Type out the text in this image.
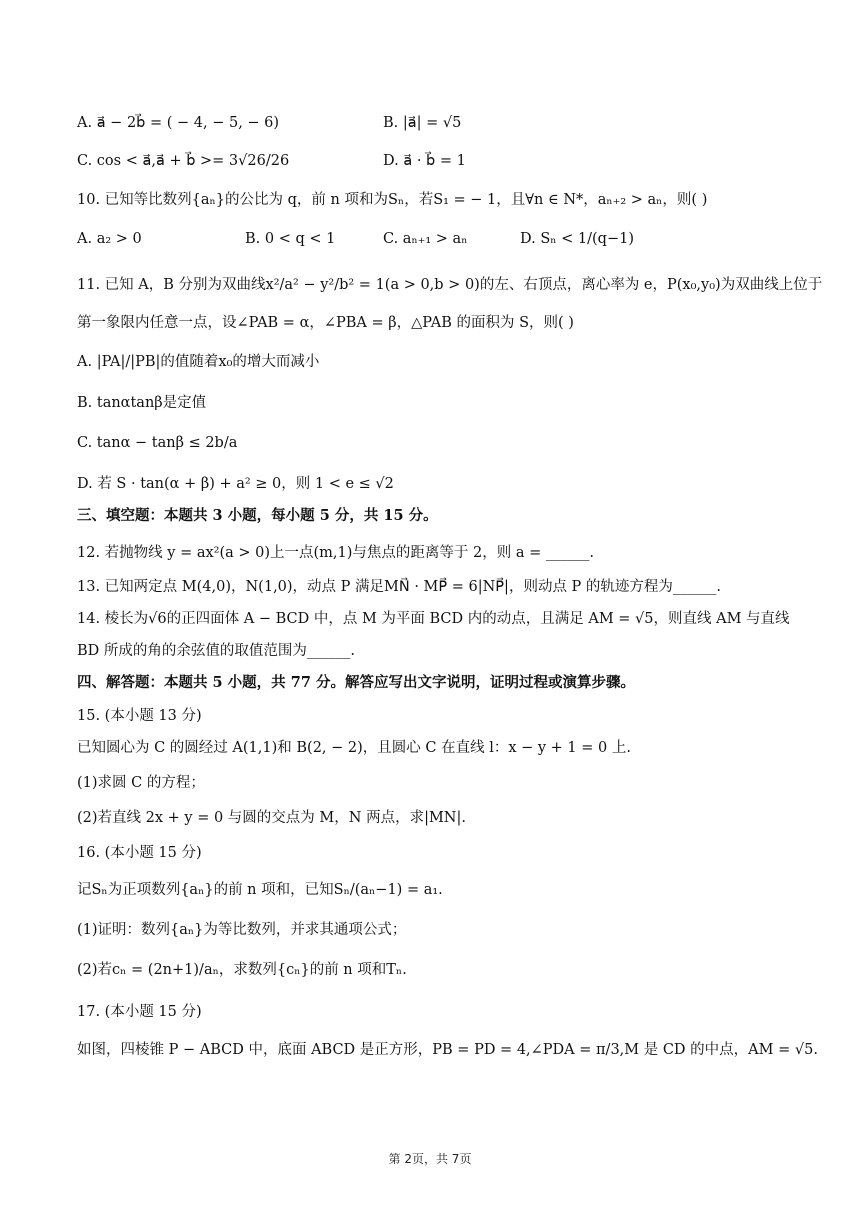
A. a⃗ − 2b⃗ = ( − 4, − 5, − 6)	B. |a⃗| = √5
C. cos < a⃗,a⃗ + b⃗ >= 3√26/26	D. a⃗ · b⃗ = 1
10. 已知等比数列{aₙ}的公比为 q，前 n 项和为Sₙ，若S₁ = − 1，且∀n ∈ N*，aₙ₊₂ > aₙ，则( )
A. a₂ > 0	B. 0 < q < 1	C. aₙ₊₁ > aₙ	D. Sₙ < 1/(q−1)
11. 已知 A，B 分别为双曲线x²/a² − y²/b² = 1(a > 0,b > 0)的左、右顶点，离心率为 e，P(x₀,y₀)为双曲线上位于
第一象限内任意一点，设∠PAB = α，∠PBA = β，△PAB 的面积为 S，则( )
A. |PA|/|PB|的值随着x₀的增大而减小
B. tanαtanβ是定值
C. tanα − tanβ ≤ 2b/a
D. 若 S · tan(α + β) + a² ≥ 0，则 1 < e ≤ √2
三、填空题：本题共 3 小题，每小题 5 分，共 15 分。
12. 若抛物线 y = ax²(a > 0)上一点(m,1)与焦点的距离等于 2，则 a = ______.
13. 已知两定点 M(4,0)，N(1,0)，动点 P 满足MN⃗ · MP⃗ = 6|NP⃗|，则动点 P 的轨迹方程为______.
14. 棱长为√6的正四面体 A − BCD 中，点 M 为平面 BCD 内的动点，且满足 AM = √5，则直线 AM 与直线
BD 所成的角的余弦值的取值范围为______.
四、解答题：本题共 5 小题，共 77 分。解答应写出文字说明，证明过程或演算步骤。
15. (本小题 13 分)
已知圆心为 C 的圆经过 A(1,1)和 B(2, − 2)，且圆心 C 在直线 l：x − y + 1 = 0 上.
(1)求圆 C 的方程；
(2)若直线 2x + y = 0 与圆的交点为 M，N 两点，求|MN|.
16. (本小题 15 分)
记Sₙ为正项数列{aₙ}的前 n 项和，已知Sₙ/(aₙ−1) = a₁.
(1)证明：数列{aₙ}为等比数列，并求其通项公式；
(2)若cₙ = (2n+1)/aₙ，求数列{cₙ}的前 n 项和Tₙ.
17. (本小题 15 分)
如图，四棱锥 P − ABCD 中，底面 ABCD 是正方形，PB = PD = 4,∠PDA = π/3,M 是 CD 的中点，AM = √5.
第 2页，共 7页
